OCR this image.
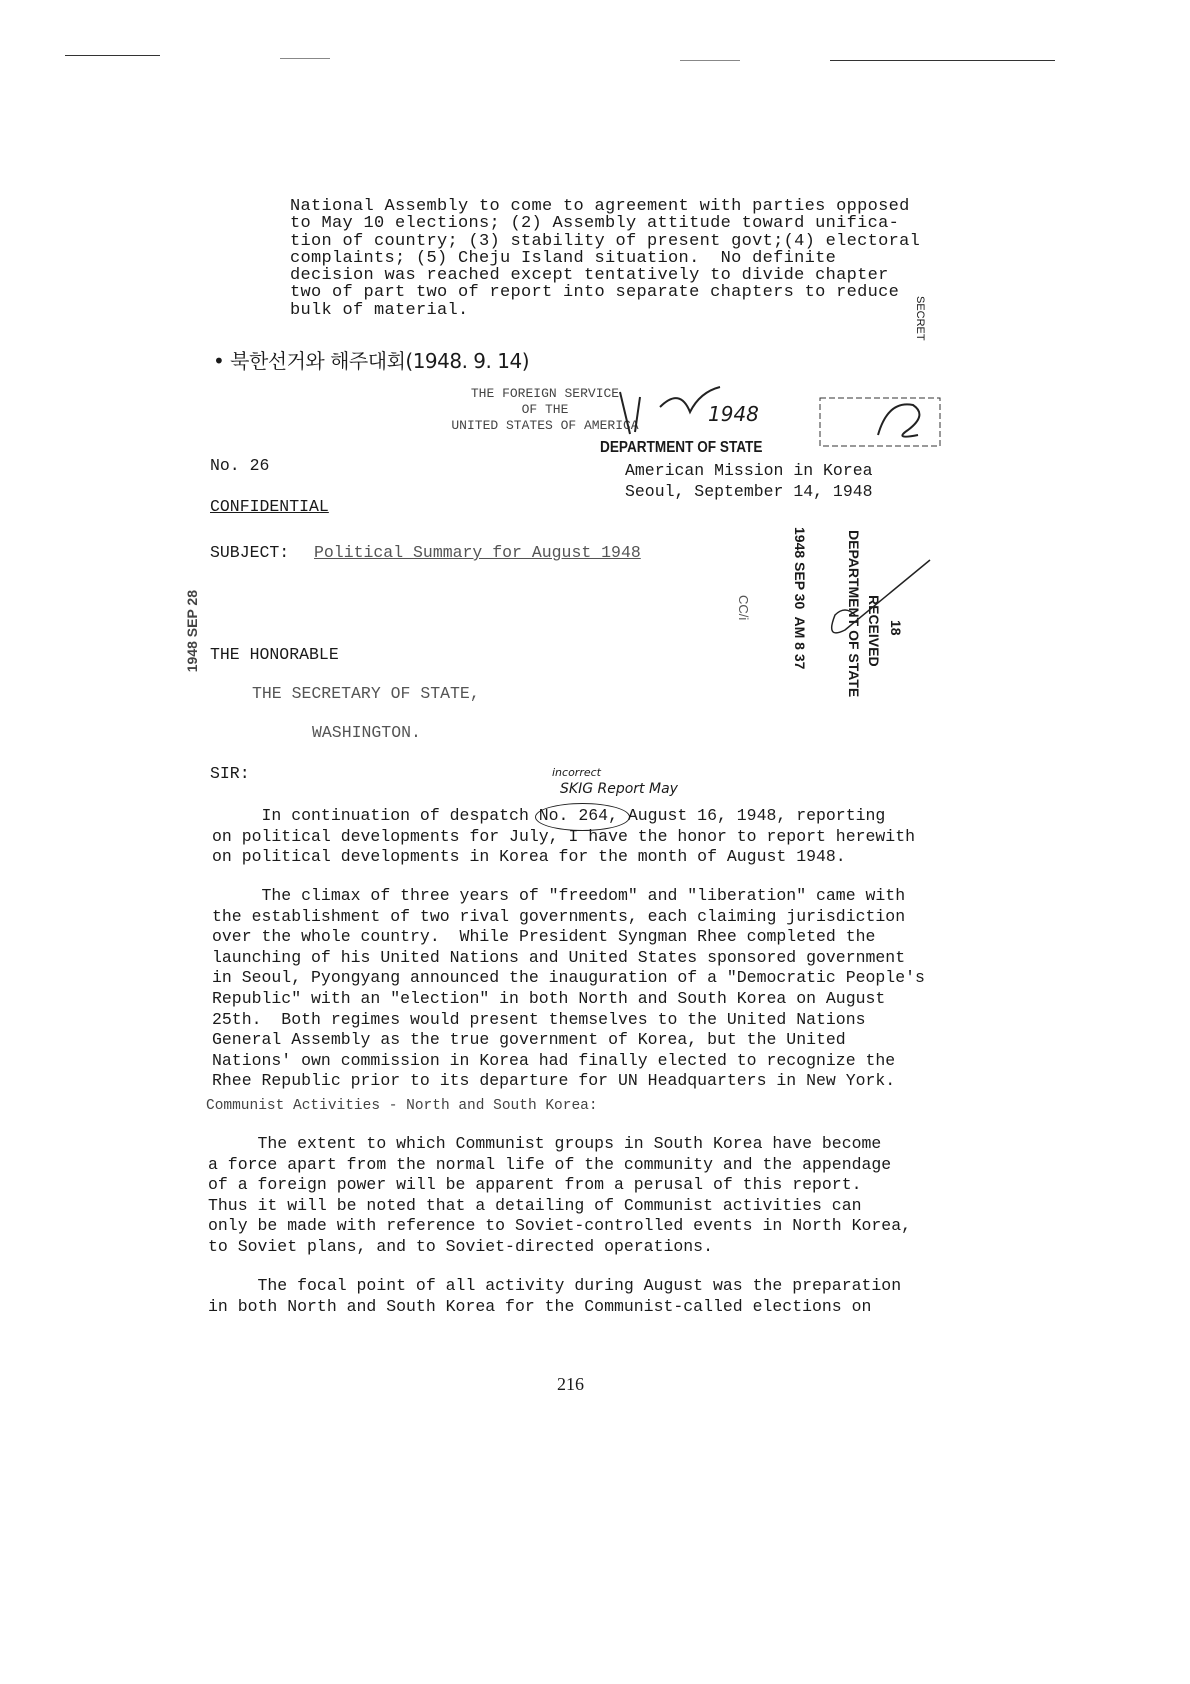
National Assembly to come to agreement with parties opposed
to May 10 elections; (2) Assembly attitude toward unifica-
tion of country; (3) stability of present govt;(4) electoral
complaints; (5) Cheju Island situation.  No definite
decision was reached except tentatively to divide chapter
two of part two of report into separate chapters to reduce
bulk of material.	SECRET
• 북한선거와 해주대회(1948. 9. 14)
THE FOREIGN SERVICE
OF THE
UNITED STATES OF AMERICA
DEPARTMENT OF STATE
1948
No. 26	American Mission in Korea
Seoul, September 14, 1948
CONFIDENTIAL
SUBJECT: Political Summary for August 1948
THE HONORABLE
THE SECRETARY OF STATE,
WASHINGTON.
SIR:
1948 SEP 28	1948 SEP 30  AM 8 37	DEPARTMENT OF STATE RECEIVED 18
CC/i
incorrect
SKIG Report May
In continuation of despatch No. 264, August 16, 1948, reporting
on political developments for July, I have the honor to report herewith
on political developments in Korea for the month of August 1948.
The climax of three years of "freedom" and "liberation" came with
the establishment of two rival governments, each claiming jurisdiction
over the whole country.  While President Syngman Rhee completed the
launching of his United Nations and United States sponsored government
in Seoul, Pyongyang announced the inauguration of a "Democratic People's
Republic" with an "election" in both North and South Korea on August
25th.  Both regimes would present themselves to the United Nations
General Assembly as the true government of Korea, but the United
Nations' own commission in Korea had finally elected to recognize the
Rhee Republic prior to its departure for UN Headquarters in New York.
Communist Activities - North and South Korea:
The extent to which Communist groups in South Korea have become
a force apart from the normal life of the community and the appendage
of a foreign power will be apparent from a perusal of this report.
Thus it will be noted that a detailing of Communist activities can
only be made with reference to Soviet-controlled events in North Korea,
to Soviet plans, and to Soviet-directed operations.
The focal point of all activity during August was the preparation
in both North and South Korea for the Communist-called elections on
216
